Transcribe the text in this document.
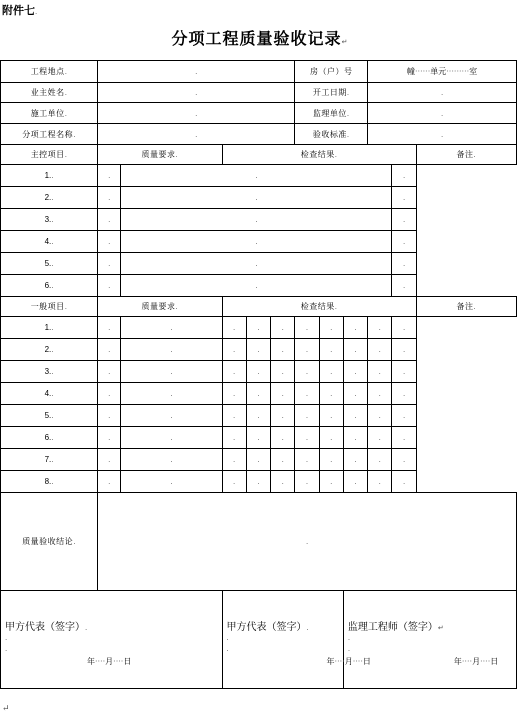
附件七.
分项工程质量验收记录↵
工程地点.	.					房（户）号			幢······单元·········室		
业主姓名.	.					开工日期.			.		
施工单位.	.					监理单位.			.		
分项工程名称.	.					验收标准.			.		
主控项目.	质量要求.		检查结果.								备注.
1..	.	.								.	
2..	.	.								.	
3..	.	.								.	
4..	.	.								.	
5..	.	.								.	
6..	.	.								.	
一般项目.	质量要求.		检查结果.								备注.
1..	.	.	.	.	.	.	.	.	.	.	
2..	.	.	.	.	.	.	.	.	.	.	
3..	.	.	.	.	.	.	.	.	.	.	
4..	.	.	.	.	.	.	.	.	.	.	
5..	.	.	.	.	.	.	.	.	.	.	
6..	.	.	.	.	.	.	.	.	.	.	
7..	.	.	.	.	.	.	.	.	.	.	
8..	.	.	.	.	.	.	.	.	.	.	
质量验收结论.	.										

甲方代表（签字）.
.
.
年····月····日			甲方代表（签字）.
.
.
年····月····日					监理工程师（签字）↵
.
.
年····月····日			
↵
